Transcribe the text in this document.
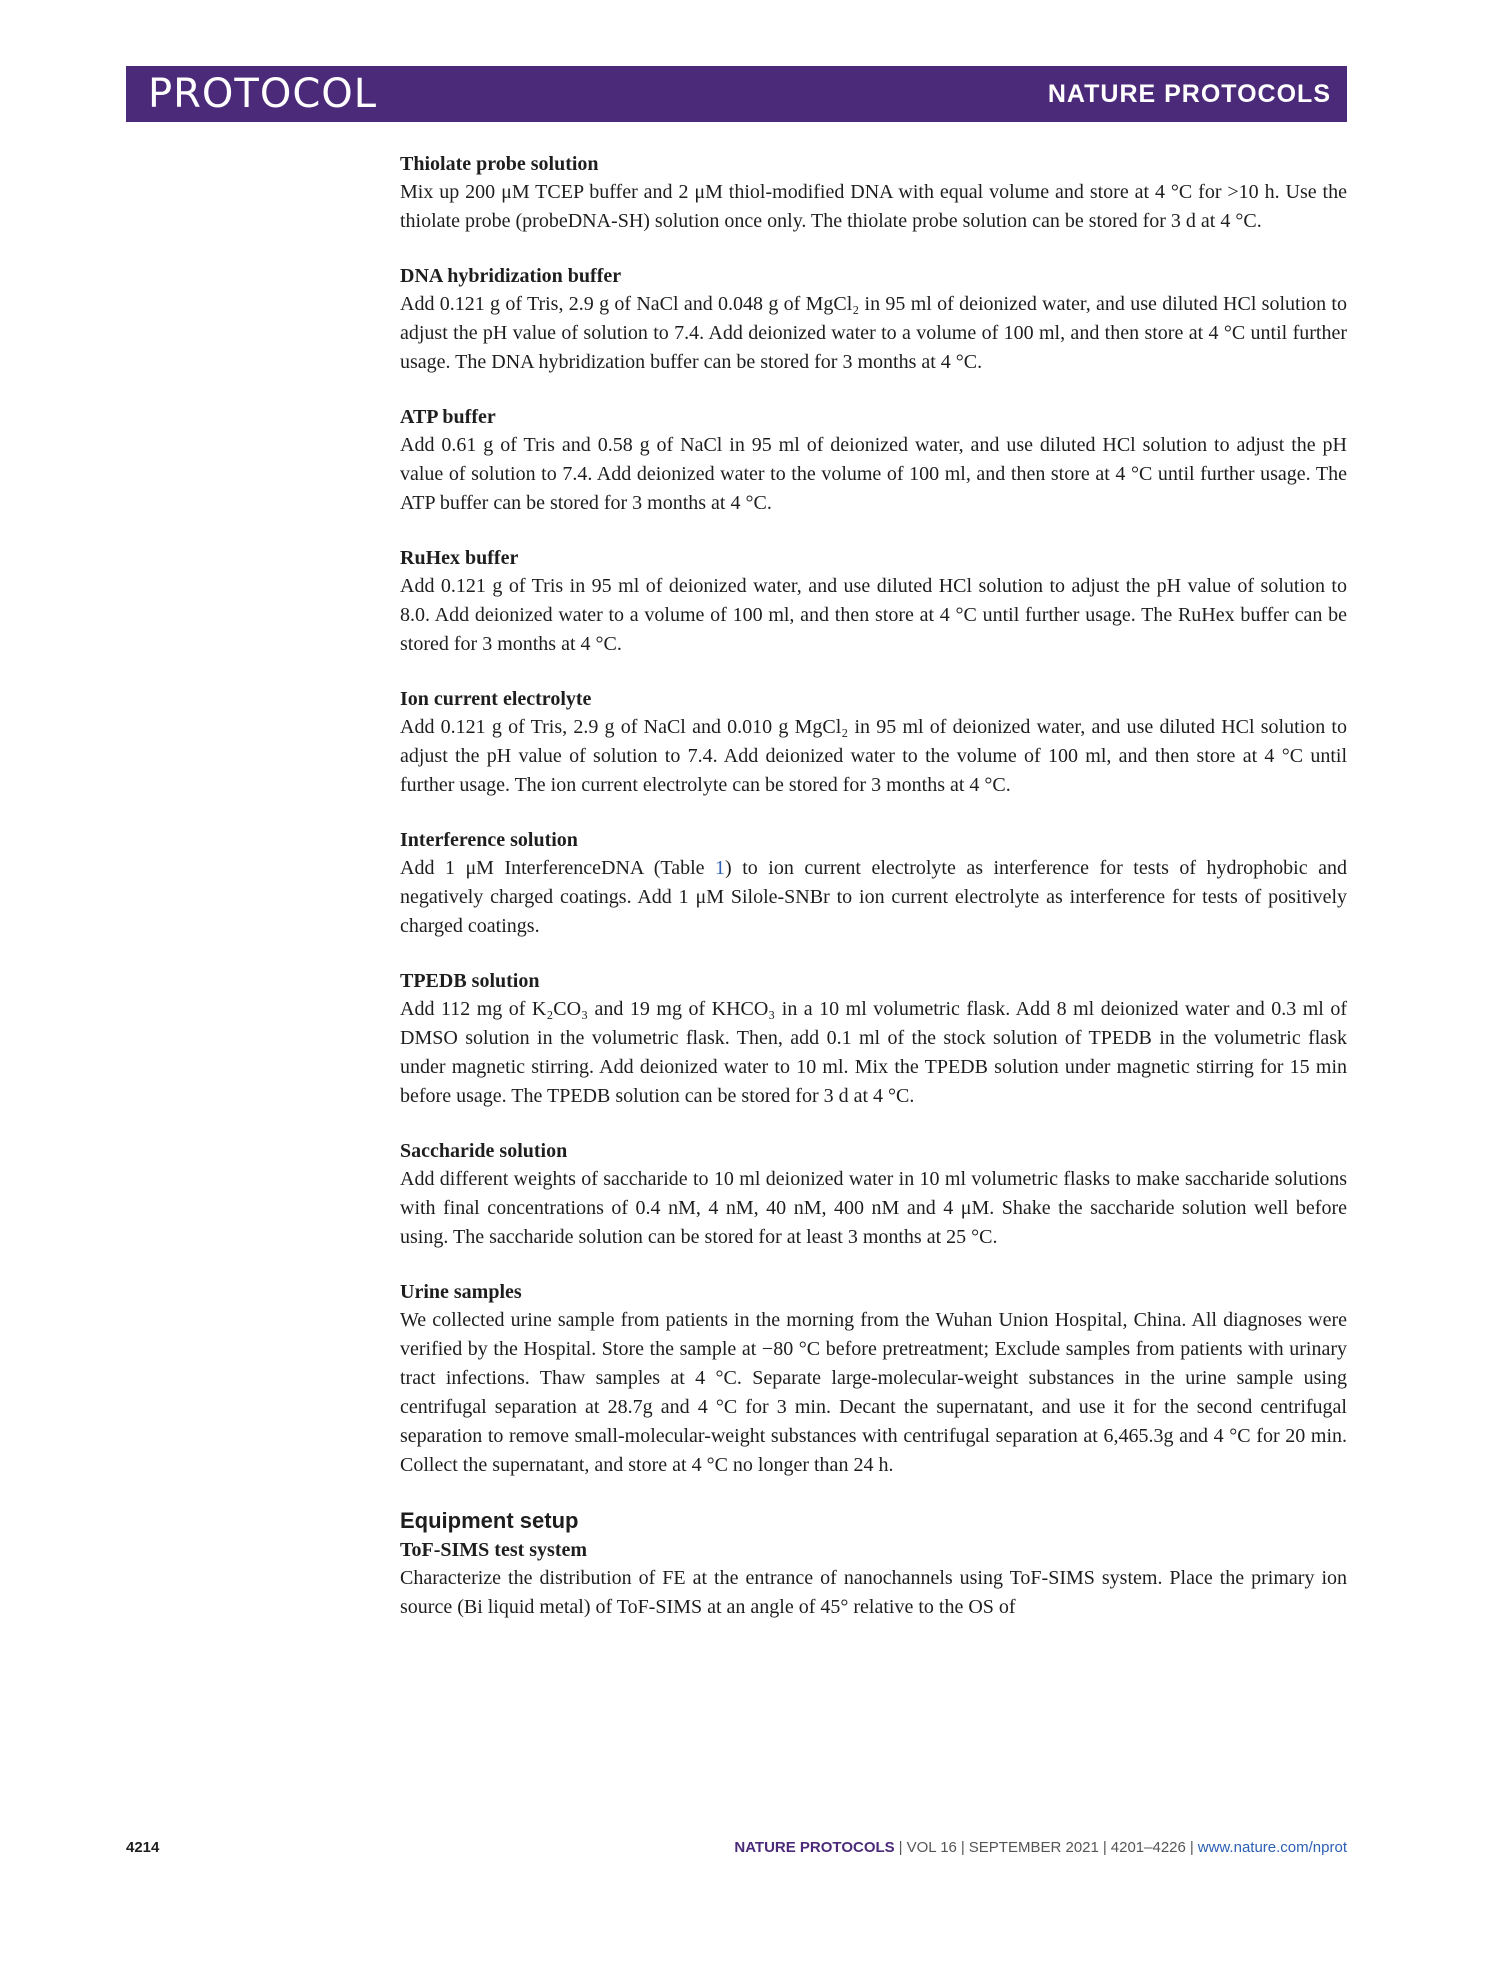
PROTOCOL	NATURE PROTOCOLS
Thiolate probe solution

Mix up 200 μM TCEP buffer and 2 μM thiol-modified DNA with equal volume and store at 4 °C for >10 h. Use the thiolate probe (probeDNA-SH) solution once only. The thiolate probe solution can be stored for 3 d at 4 °C.

DNA hybridization buffer

Add 0.121 g of Tris, 2.9 g of NaCl and 0.048 g of MgCl₂ in 95 ml of deionized water, and use diluted HCl solution to adjust the pH value of solution to 7.4. Add deionized water to a volume of 100 ml, and then store at 4 °C until further usage. The DNA hybridization buffer can be stored for 3 months at 4 °C.

ATP buffer

Add 0.61 g of Tris and 0.58 g of NaCl in 95 ml of deionized water, and use diluted HCl solution to adjust the pH value of solution to 7.4. Add deionized water to the volume of 100 ml, and then store at 4 °C until further usage. The ATP buffer can be stored for 3 months at 4 °C.

RuHex buffer

Add 0.121 g of Tris in 95 ml of deionized water, and use diluted HCl solution to adjust the pH value of solution to 8.0. Add deionized water to a volume of 100 ml, and then store at 4 °C until further usage. The RuHex buffer can be stored for 3 months at 4 °C.

Ion current electrolyte

Add 0.121 g of Tris, 2.9 g of NaCl and 0.010 g MgCl₂ in 95 ml of deionized water, and use diluted HCl solution to adjust the pH value of solution to 7.4. Add deionized water to the volume of 100 ml, and then store at 4 °C until further usage. The ion current electrolyte can be stored for 3 months at 4 °C.

Interference solution

Add 1 μM InterferenceDNA (Table 1) to ion current electrolyte as interference for tests of hydrophobic and negatively charged coatings. Add 1 μM Silole-SNBr to ion current electrolyte as interference for tests of positively charged coatings.

TPEDB solution

Add 112 mg of K₂CO₃ and 19 mg of KHCO₃ in a 10 ml volumetric flask. Add 8 ml deionized water and 0.3 ml of DMSO solution in the volumetric flask. Then, add 0.1 ml of the stock solution of TPEDB in the volumetric flask under magnetic stirring. Add deionized water to 10 ml. Mix the TPEDB solution under magnetic stirring for 15 min before usage. The TPEDB solution can be stored for 3 d at 4 °C.

Saccharide solution

Add different weights of saccharide to 10 ml deionized water in 10 ml volumetric flasks to make saccharide solutions with final concentrations of 0.4 nM, 4 nM, 40 nM, 400 nM and 4 μM. Shake the saccharide solution well before using. The saccharide solution can be stored for at least 3 months at 25 °C.

Urine samples

We collected urine sample from patients in the morning from the Wuhan Union Hospital, China. All diagnoses were verified by the Hospital. Store the sample at −80 °C before pretreatment; Exclude samples from patients with urinary tract infections. Thaw samples at 4 °C. Separate large-molecular-weight substances in the urine sample using centrifugal separation at 28.7g and 4 °C for 3 min. Decant the supernatant, and use it for the second centrifugal separation to remove small-molecular-weight substances with centrifugal separation at 6,465.3g and 4 °C for 20 min. Collect the supernatant, and store at 4 °C no longer than 24 h.

Equipment setup
ToF-SIMS test system

Characterize the distribution of FE at the entrance of nanochannels using ToF-SIMS system. Place the primary ion source (Bi liquid metal) of ToF-SIMS at an angle of 45° relative to the OS of

4214	NATURE PROTOCOLS | VOL 16 | SEPTEMBER 2021 | 4201–4226 | www.nature.com/nprot
